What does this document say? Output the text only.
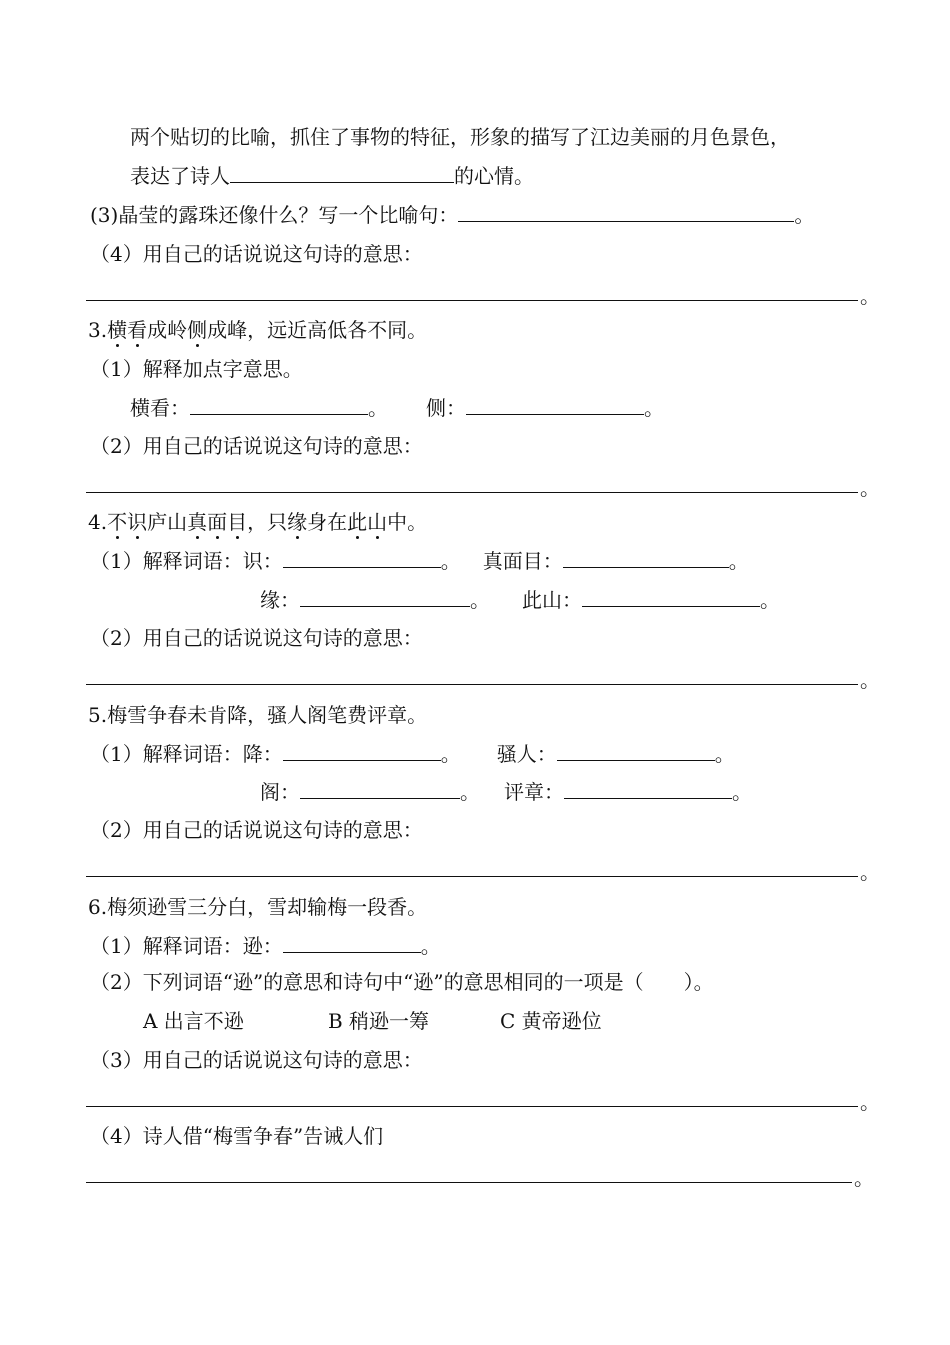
两个贴切的比喻，抓住了事物的特征，形象的描写了江边美丽的月色景色，
表达了诗人	的心情。
(3)晶莹的露珠还像什么？写一个比喻句：	。
（4）用自己的话说说这句诗的意思：
。
3.横看成岭侧成峰，远近高低各不同。
（1）解释加点字意思。
横看：	。 侧：	。
（2）用自己的话说说这句诗的意思：
。
4.不识庐山真面目，只缘身在此山中。
（1）解释词语：识：	。 真面目：	。
缘：	。 此山：	。
（2）用自己的话说说这句诗的意思：
。
5.梅雪争春未肯降，骚人阁笔费评章。
（1）解释词语：降：	。 骚人：	。
阁：	。 评章：	。
（2）用自己的话说说这句诗的意思：
。
6.梅须逊雪三分白，雪却输梅一段香。
（1）解释词语：逊：	。
（2）下列词语“逊”的意思和诗句中“逊”的意思相同的一项是（　　）。
A 出言不逊	B 稍逊一筹	C 黄帝逊位
（3）用自己的话说说这句诗的意思：
。
（4）诗人借“梅雪争春”告诫人们
。
